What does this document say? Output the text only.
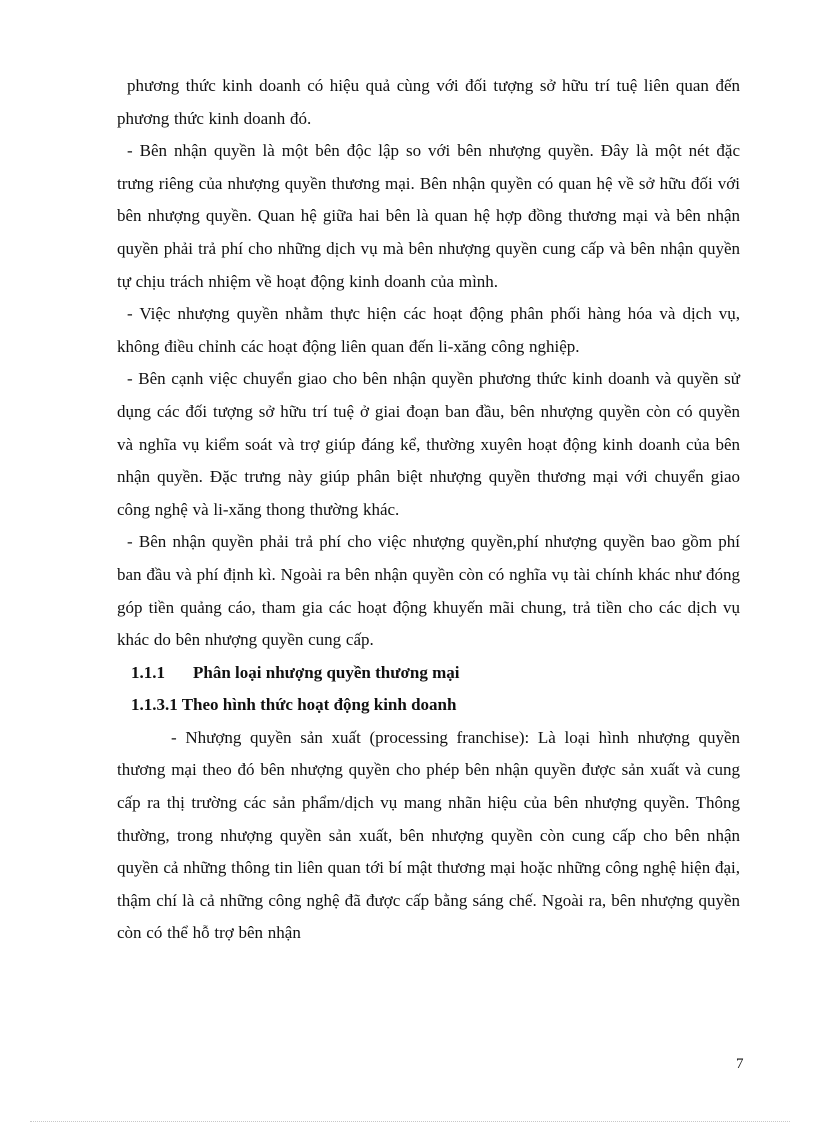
phương thức kinh doanh có hiệu quả cùng với đối tượng sở hữu trí tuệ liên quan đến phương thức kinh doanh đó.

- Bên nhận quyền là một bên độc lập so với bên nhượng quyền. Đây là một nét đặc trưng riêng của nhượng quyền thương mại. Bên nhận quyền có quan hệ về sở hữu đối với bên nhượng quyền. Quan hệ giữa hai bên là quan hệ hợp đồng thương mại và bên nhận quyền phải trả phí cho những dịch vụ mà bên nhượng quyền cung cấp và bên nhận quyền tự chịu trách nhiệm về hoạt động kinh doanh của mình.

- Việc nhượng quyền nhằm thực hiện các hoạt động phân phối hàng hóa và dịch vụ, không điều chỉnh các hoạt động liên quan đến li-xăng công nghiệp.

- Bên cạnh việc chuyển giao cho bên nhận quyền phương thức kinh doanh và quyền sử dụng các đối tượng sở hữu trí tuệ ở giai đoạn ban đầu, bên nhượng quyền còn có quyền và nghĩa vụ kiểm soát và trợ giúp đáng kể, thường xuyên hoạt động kinh doanh của bên nhận quyền. Đặc trưng này giúp phân biệt nhượng quyền thương mại với chuyển giao công nghệ và li-xăng thong thường khác.

- Bên nhận quyền phải trả phí cho việc nhượng quyền,phí nhượng quyền bao gồm phí ban đầu và phí định kì. Ngoài ra bên nhận quyền còn có nghĩa vụ tài chính khác như đóng góp tiền quảng cáo, tham gia các hoạt động khuyến mãi chung, trả tiền cho các dịch vụ khác do bên nhượng quyền cung cấp.

1.1.1 Phân loại nhượng quyền thương mại

1.1.3.1 Theo hình thức hoạt động kinh doanh

- Nhượng quyền sản xuất (processing franchise): Là loại hình nhượng quyền thương mại theo đó bên nhượng quyền cho phép bên nhận quyền được sản xuất và cung cấp ra thị trường các sản phẩm/dịch vụ mang nhãn hiệu của bên nhượng quyền. Thông thường, trong nhượng quyền sản xuất, bên nhượng quyền còn cung cấp cho bên nhận quyền cả những thông tin liên quan tới bí mật thương mại hoặc những công nghệ hiện đại, thậm chí là cả những công nghệ đã được cấp bằng sáng chế. Ngoài ra, bên nhượng quyền còn có thể hỗ trợ bên nhận

7
